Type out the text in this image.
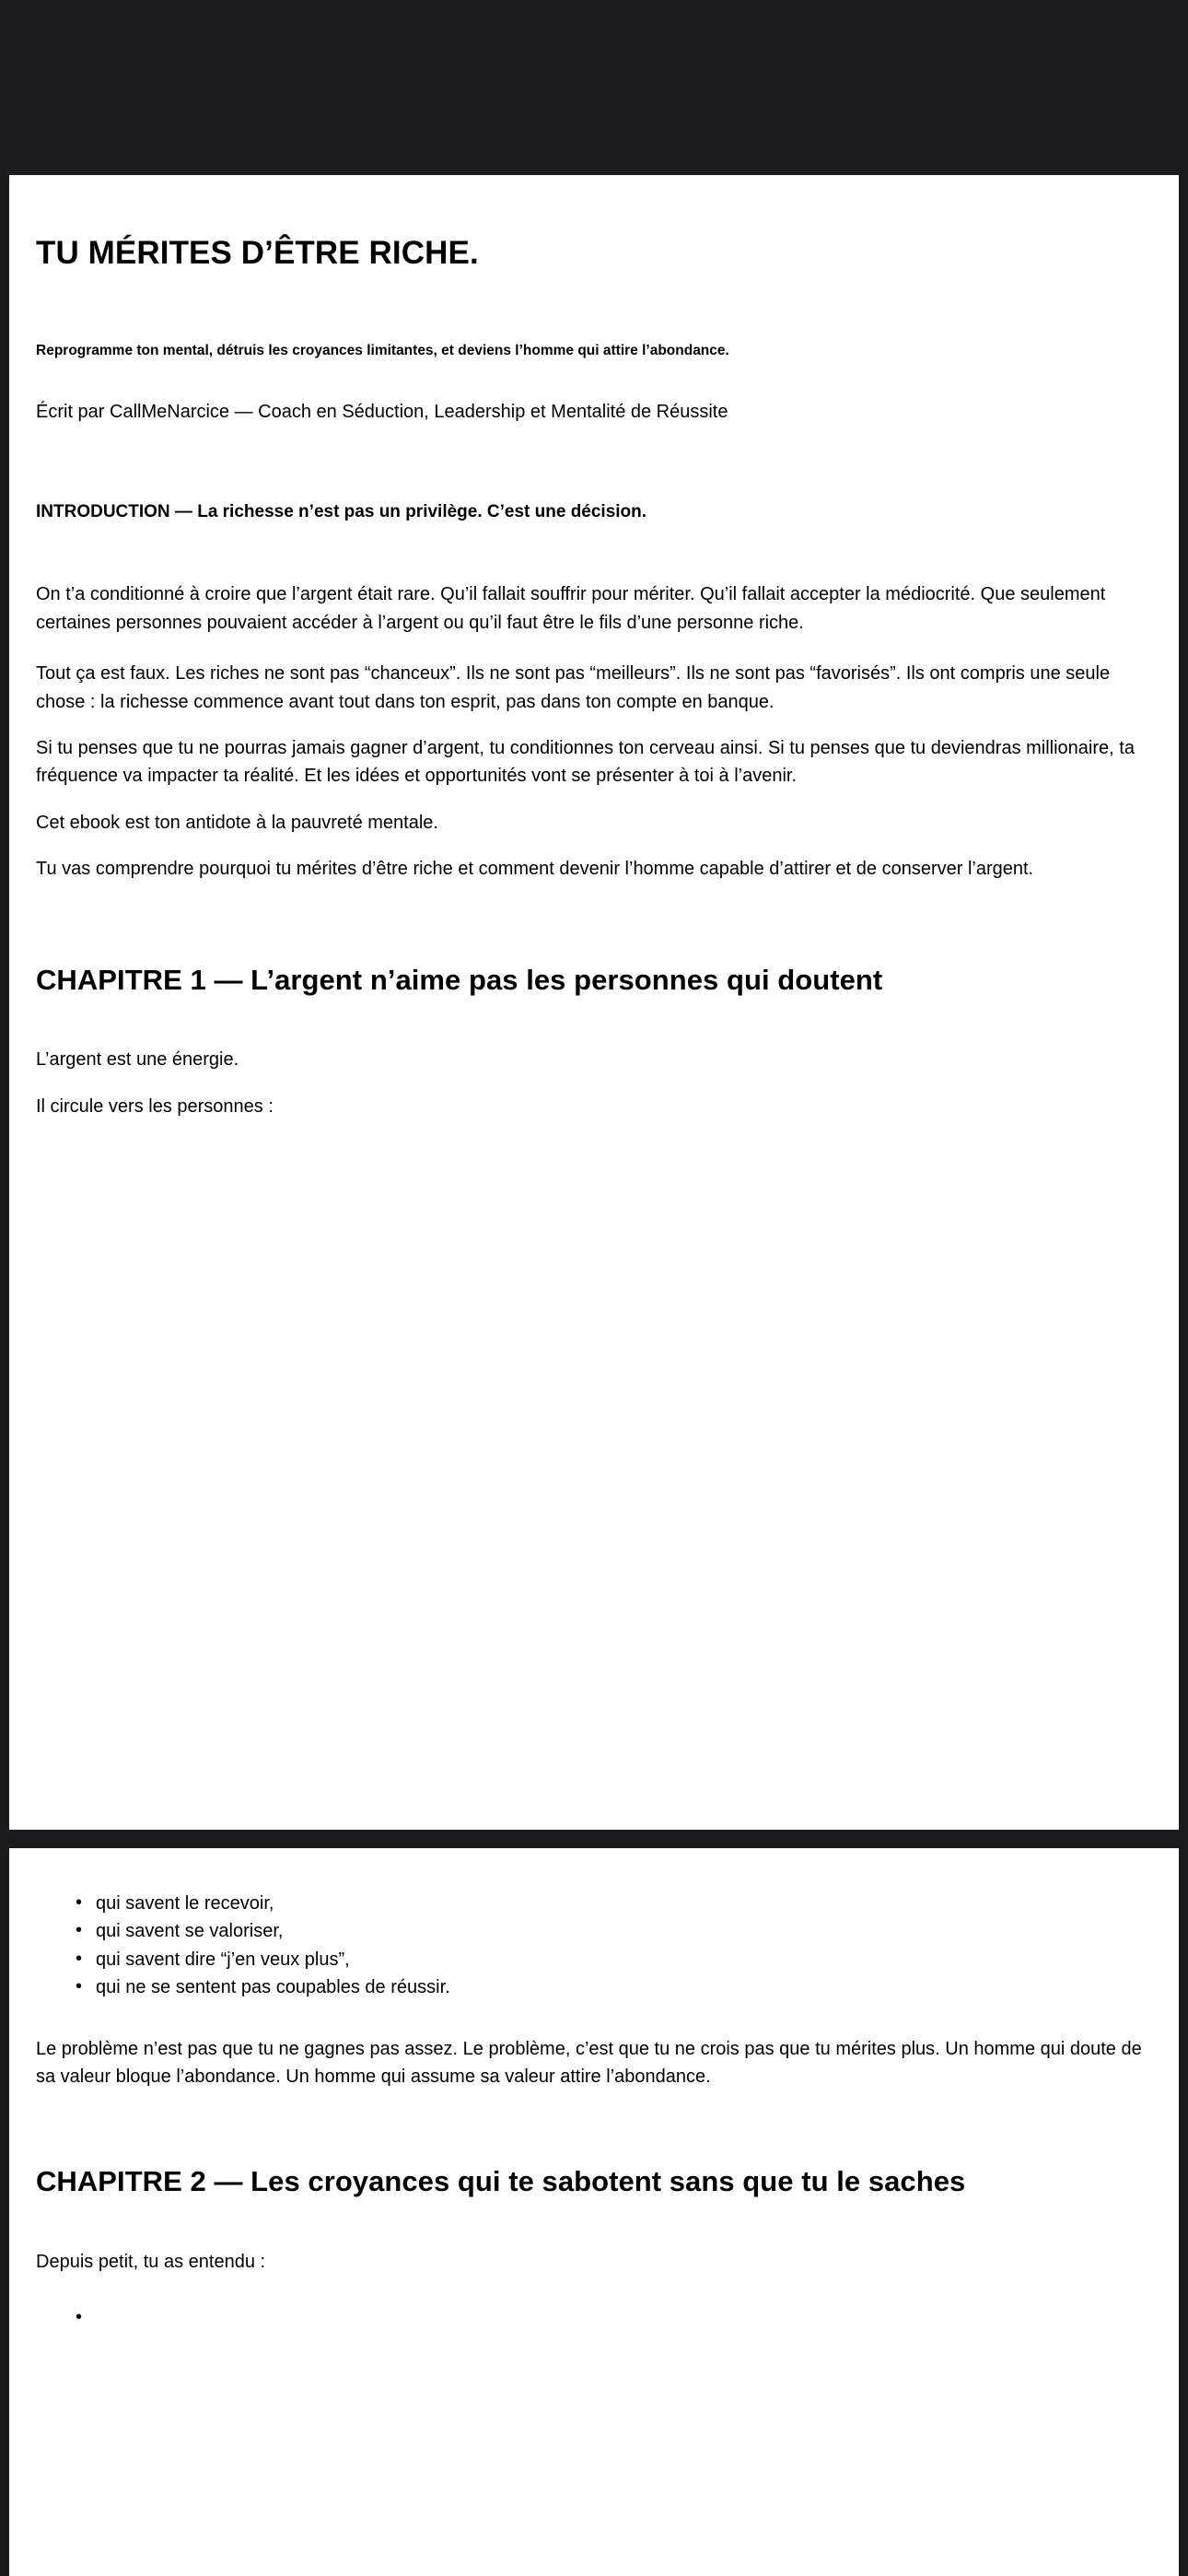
TU MÉRITES D’ÊTRE RICHE.

Reprogramme ton mental, détruis les croyances limitantes, et deviens l’homme qui attire l’abondance.

Écrit par CallMeNarcice — Coach en Séduction, Leadership et Mentalité de Réussite

INTRODUCTION — La richesse n’est pas un privilège. C’est une décision.

On t’a conditionné à croire que l’argent était rare. Qu’il fallait souffrir pour mériter. Qu’il fallait accepter la médiocrité. Que seulement certaines personnes pouvaient accéder à l’argent ou qu’il faut être le fils d’une personne riche.

Tout ça est faux. Les riches ne sont pas “chanceux”. Ils ne sont pas “meilleurs”. Ils ne sont pas “favorisés”. Ils ont compris une seule chose : la richesse commence avant tout dans ton esprit, pas dans ton compte en banque.

Si tu penses que tu ne pourras jamais gagner d’argent, tu conditionnes ton cerveau ainsi. Si tu penses que tu deviendras millionaire, ta fréquence va impacter ta réalité. Et les idées et opportunités vont se présenter à toi à l’avenir.

Cet ebook est ton antidote à la pauvreté mentale.

Tu vas comprendre pourquoi tu mérites d’être riche et comment devenir l’homme capable d’attirer et de conserver l’argent.

CHAPITRE 1 — L’argent n’aime pas les personnes qui doutent

L’argent est une énergie.

Il circule vers les personnes :

• qui savent le recevoir,
• qui savent se valoriser,
• qui savent dire “j’en veux plus”,
• qui ne se sentent pas coupables de réussir.

Le problème n’est pas que tu ne gagnes pas assez. Le problème, c’est que tu ne crois pas que tu mérites plus. Un homme qui doute de sa valeur bloque l’abondance. Un homme qui assume sa valeur attire l’abondance.

CHAPITRE 2 — Les croyances qui te sabotent sans que tu le saches

Depuis petit, tu as entendu :

•
